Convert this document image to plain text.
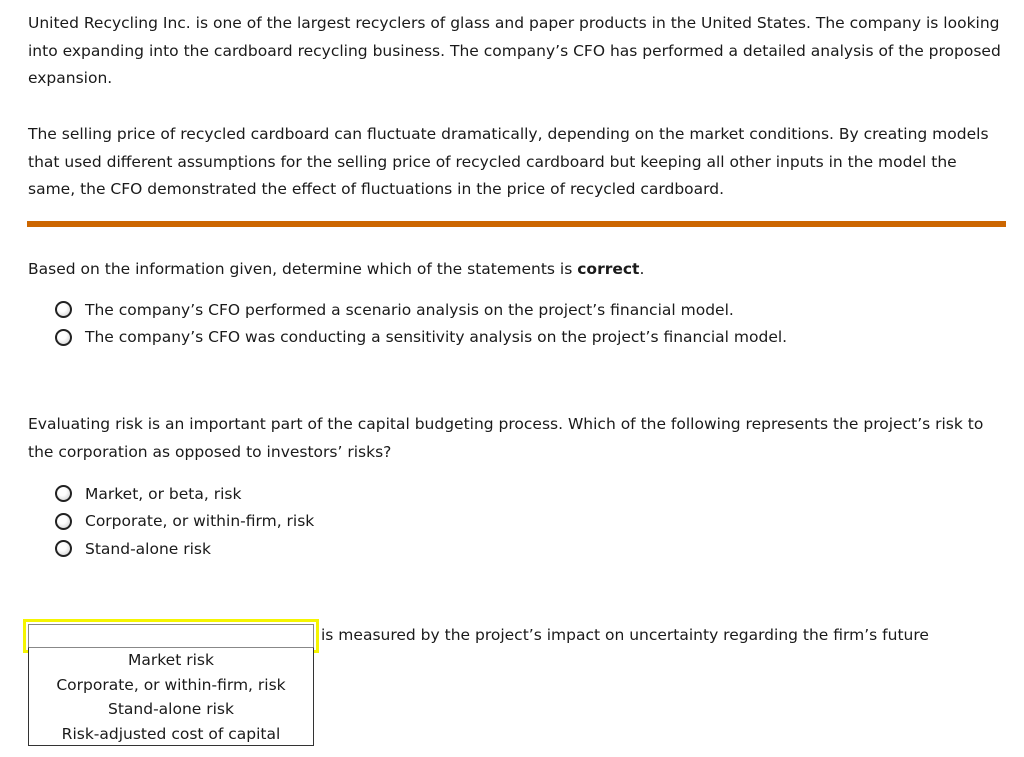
United Recycling Inc. is one of the largest recyclers of glass and paper products in the United States. The company is looking into expanding into the cardboard recycling business. The company’s CFO has performed a detailed analysis of the proposed expansion.

The selling price of recycled cardboard can fluctuate dramatically, depending on the market conditions. By creating models that used different assumptions for the selling price of recycled cardboard but keeping all other inputs in the model the same, the CFO demonstrated the effect of fluctuations in the price of recycled cardboard.

Based on the information given, determine which of the statements is correct.

The company’s CFO performed a scenario analysis on the project’s financial model.
The company’s CFO was conducting a sensitivity analysis on the project’s financial model.

Evaluating risk is an important part of the capital budgeting process. Which of the following represents the project’s risk to the corporation as opposed to investors’ risks?

Market, or beta, risk
Corporate, or within-firm, risk
Stand-alone risk
Market risk
Corporate, or within-firm, risk
Stand-alone risk
Risk-adjusted cost of capital

is measured by the project’s impact on uncertainty regarding the firm’s future
